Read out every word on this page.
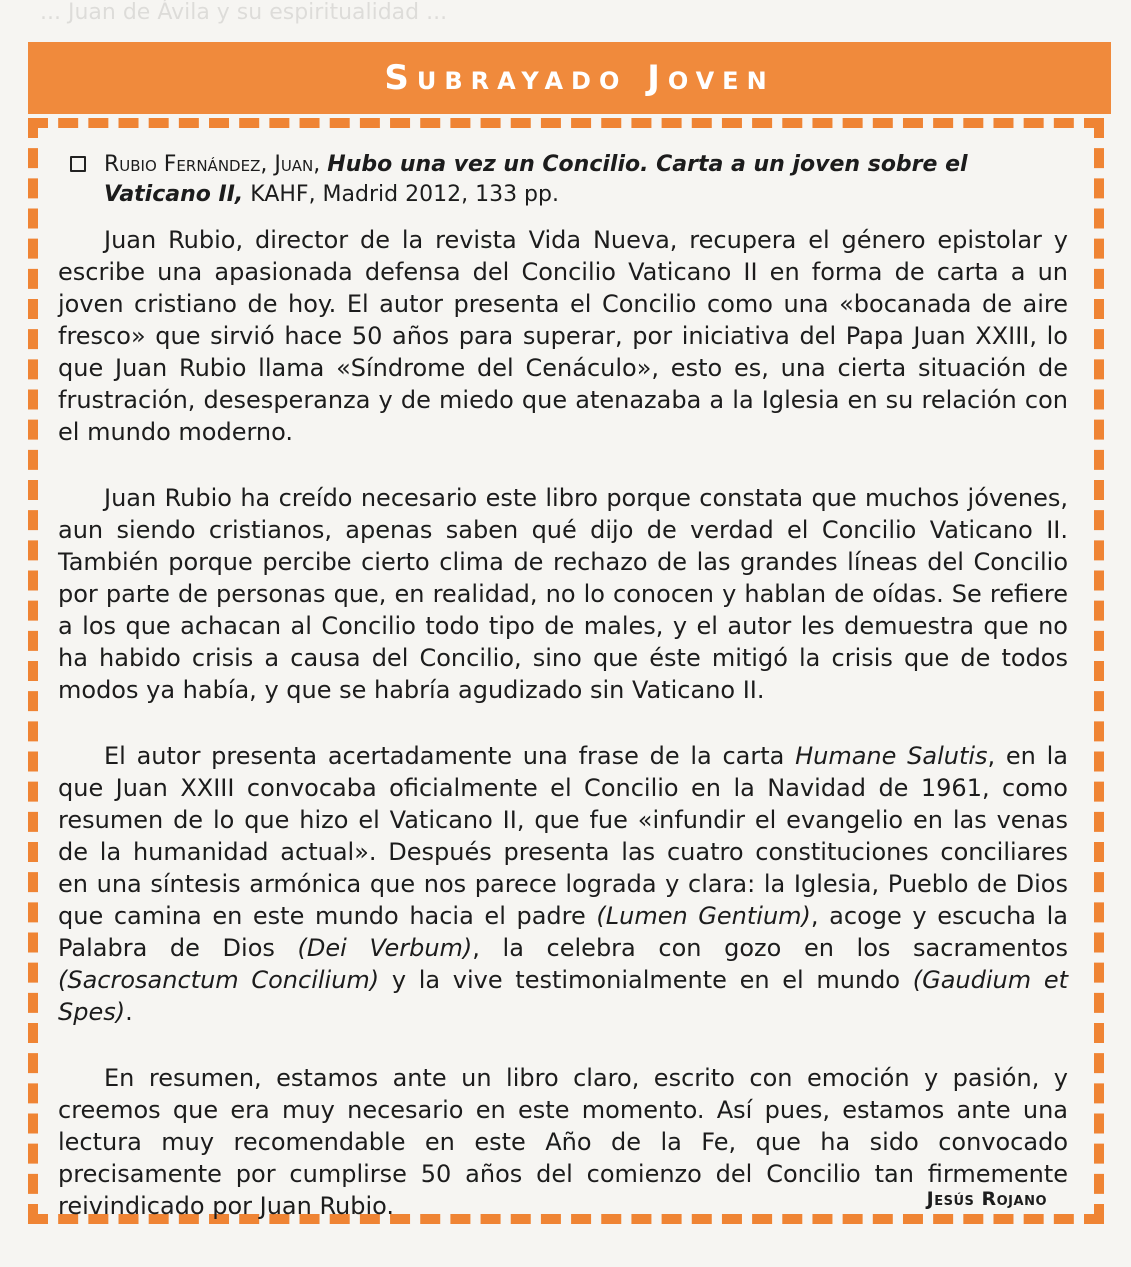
... Juan de Ávila y su espiritualidad ...
Subrayado Joven
Rubio Fernández, Juan, Hubo una vez un Concilio. Carta a un joven sobre el Vaticano II, KAHF, Madrid 2012, 133 pp.

Juan Rubio, director de la revista Vida Nueva, recupera el género epistolar y escribe una apasionada defensa del Concilio Vaticano II en forma de carta a un joven cristiano de hoy. El autor presenta el Concilio como una «bocanada de aire fresco» que sirvió hace 50 años para superar, por iniciativa del Papa Juan XXIII, lo que Juan Rubio llama «Síndrome del Cenáculo», esto es, una cierta situación de frustración, desesperanza y de miedo que atenazaba a la Iglesia en su relación con el mundo moderno.

Juan Rubio ha creído necesario este libro porque constata que muchos jóvenes, aun siendo cristianos, apenas saben qué dijo de verdad el Concilio Vaticano II. También porque percibe cierto clima de rechazo de las grandes líneas del Concilio por parte de personas que, en realidad, no lo conocen y hablan de oídas. Se refiere a los que achacan al Concilio todo tipo de males, y el autor les demuestra que no ha habido crisis a causa del Concilio, sino que éste mitigó la crisis que de todos modos ya había, y que se habría agudizado sin Vaticano II.

El autor presenta acertadamente una frase de la carta Humane Salutis, en la que Juan XXIII convocaba oficialmente el Concilio en la Navidad de 1961, como resumen de lo que hizo el Vaticano II, que fue «infundir el evangelio en las venas de la humanidad actual». Después presenta las cuatro constituciones conciliares en una síntesis armónica que nos parece lograda y clara: la Iglesia, Pueblo de Dios que camina en este mundo hacia el padre (Lumen Gentium), acoge y escucha la Palabra de Dios (Dei Verbum), la celebra con gozo en los sacramentos (Sacrosanctum Concilium) y la vive testimonialmente en el mundo (Gaudium et Spes).

En resumen, estamos ante un libro claro, escrito con emoción y pasión, y creemos que era muy necesario en este momento. Así pues, estamos ante una lectura muy recomendable en este Año de la Fe, que ha sido convocado precisamente por cumplirse 50 años del comienzo del Concilio tan firmemente reivindicado por Juan Rubio.	Jesús Rojano
